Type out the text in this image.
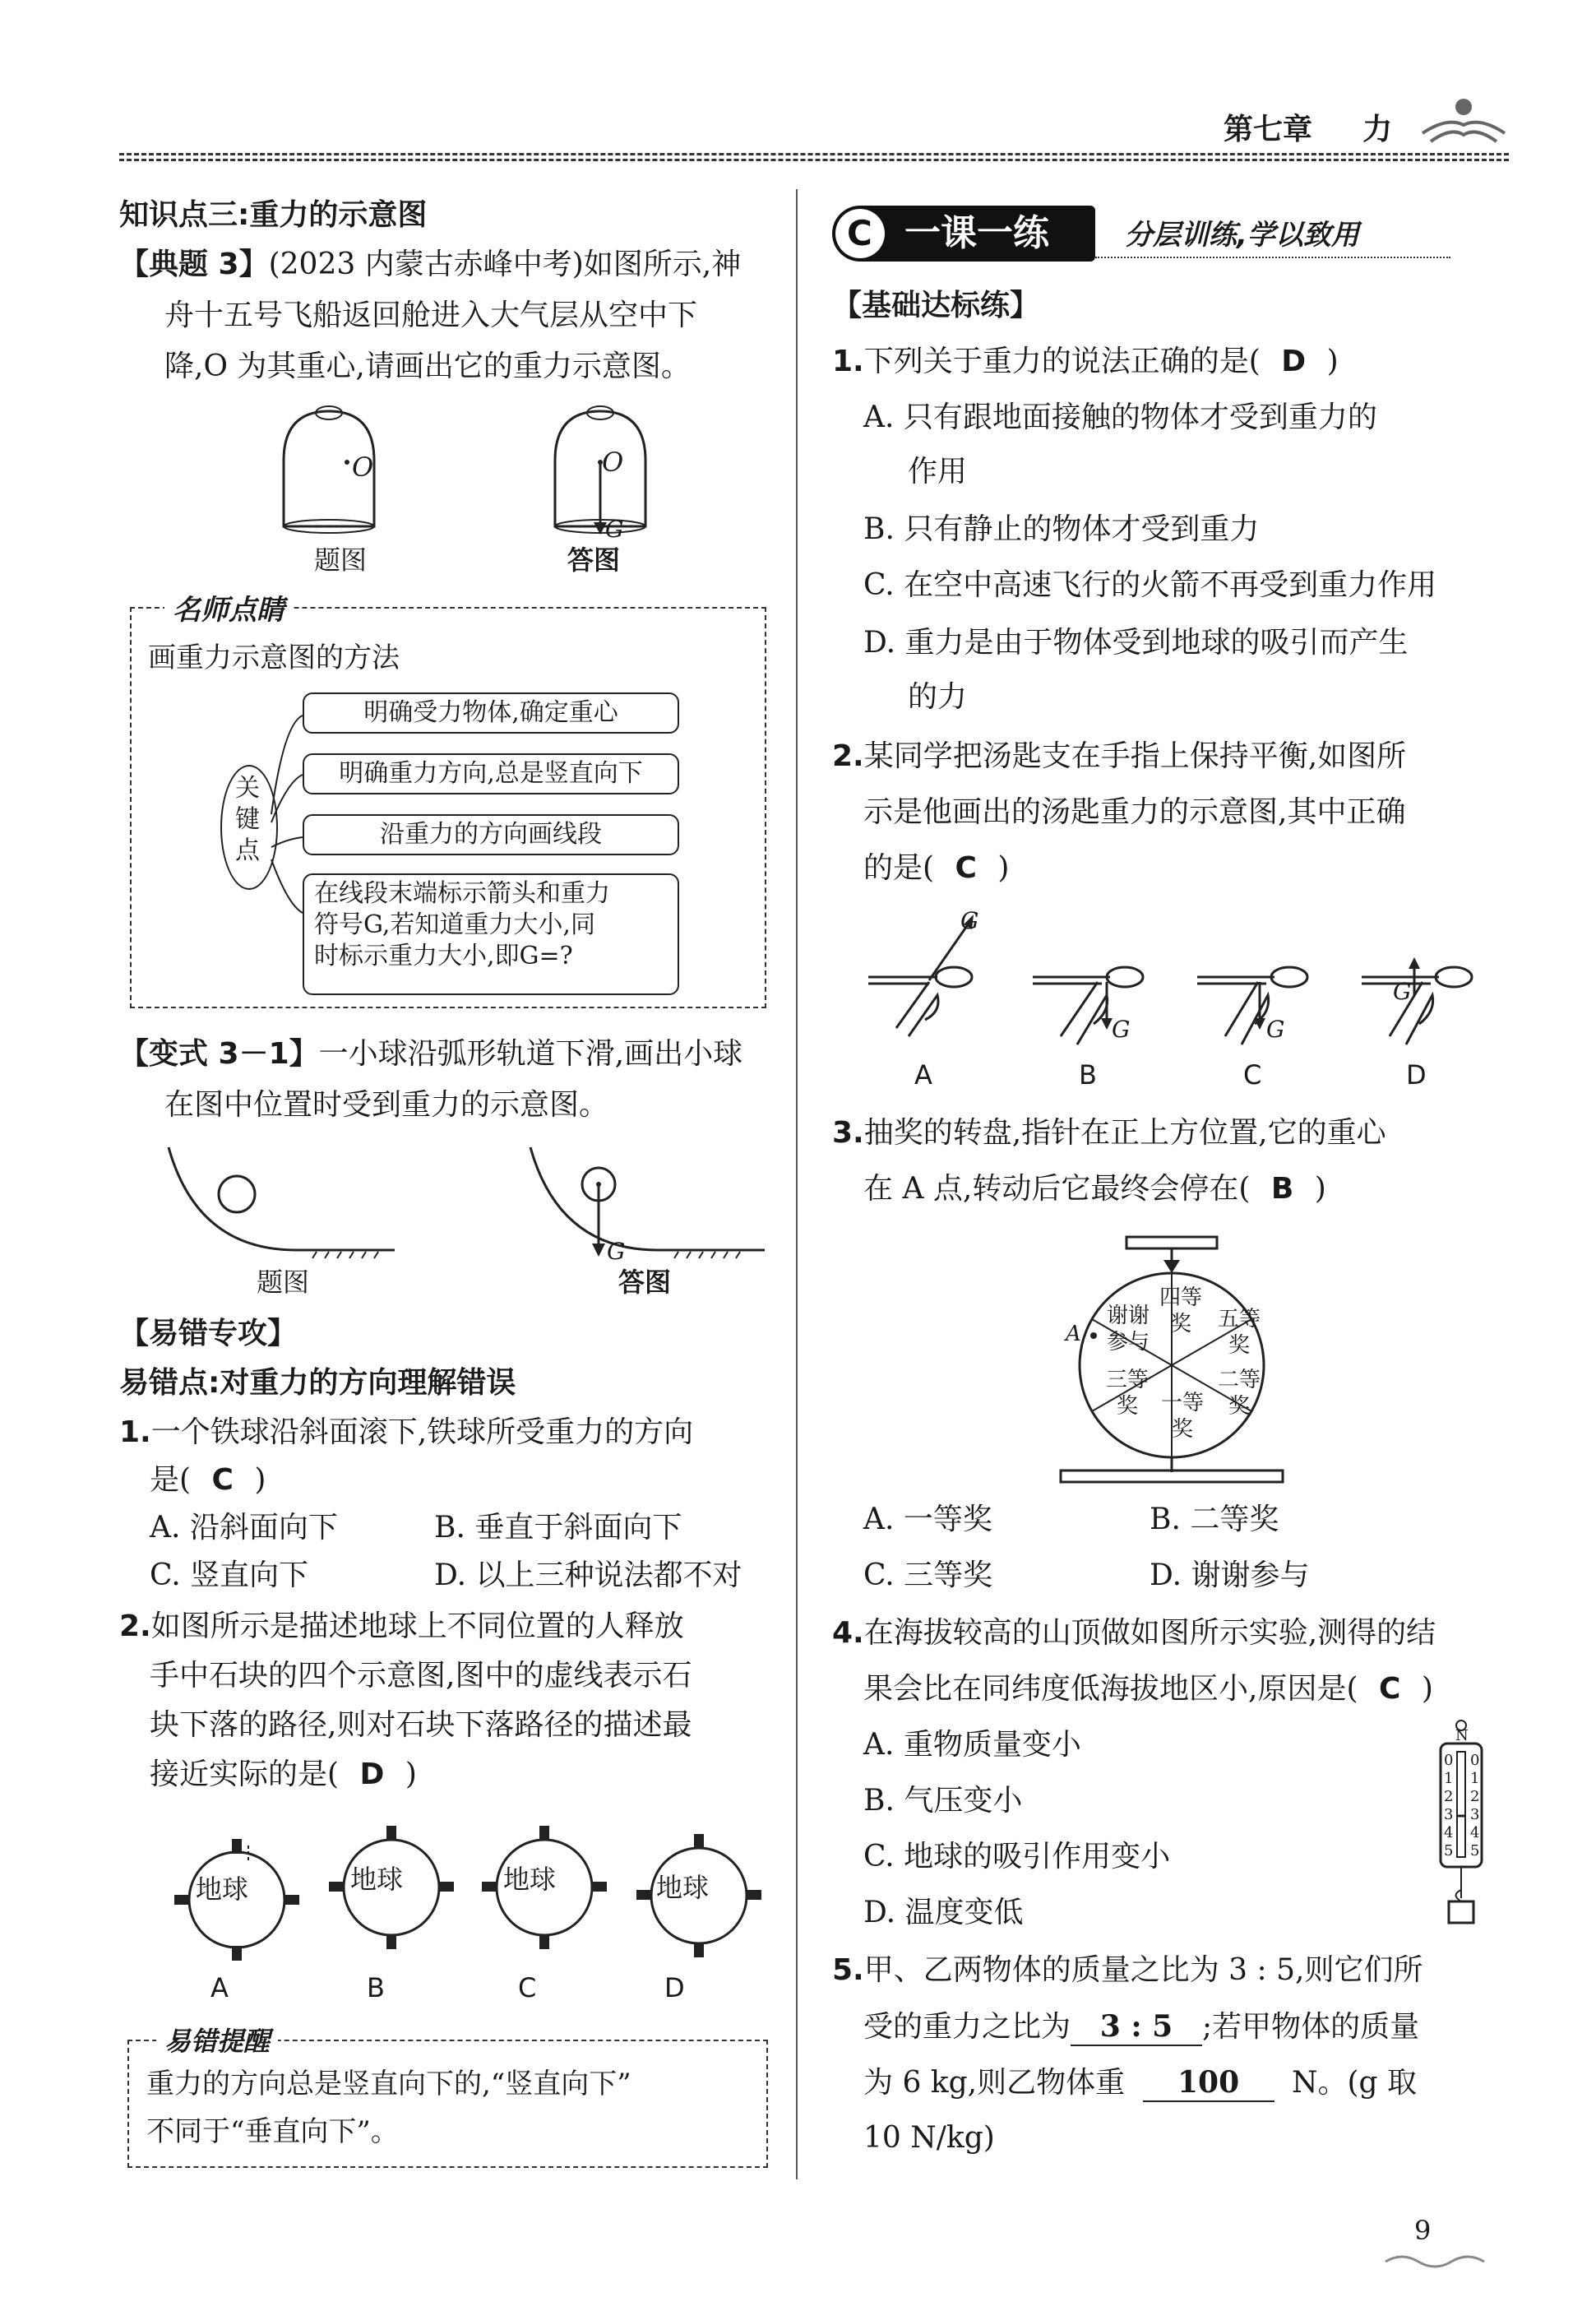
第七章 力
知识点三:重力的示意图
【典题 3】(2023 内蒙古赤峰中考)如图所示,神
舟十五号飞船返回舱进入大气层从空中下
降,O 为其重心,请画出它的重力示意图。
O
题图
O
G
答图
名师点睛
画重力示意图的方法
关键点
明确受力物体,确定重心
明确重力方向,总是竖直向下
沿重力的方向画线段
在线段末端标示箭头和重力
符号G,若知道重力大小,同
时标示重力大小,即G=?
【变式 3－1】一小球沿弧形轨道下滑,画出小球
在图中位置时受到重力的示意图。
题图
G
答图
【易错专攻】
易错点:对重力的方向理解错误
1.一个铁球沿斜面滚下,铁球所受重力的方向
是( C )
A. 沿斜面向下	B. 垂直于斜面向下
C. 竖直向下	D. 以上三种说法都不对
2.如图所示是描述地球上不同位置的人释放
手中石块的四个示意图,图中的虚线表示石
块下落的路径,则对石块下落路径的描述最
接近实际的是( D )
地球
A
地球
B
地球
C
地球
D
易错提醒
重力的方向总是竖直向下的,“竖直向下”
不同于“垂直向下”。
C 一课一练	分层训练,学以致用
【基础达标练】
1.下列关于重力的说法正确的是( D )
A. 只有跟地面接触的物体才受到重力的
作用
B. 只有静止的物体才受到重力
C. 在空中高速飞行的火箭不再受到重力作用
D. 重力是由于物体受到地球的吸引而产生
的力
2.某同学把汤匙支在手指上保持平衡,如图所
示是他画出的汤匙重力的示意图,其中正确
的是( C )
G
A
G
B
G
C
G
D
3.抽奖的转盘,指针在正上方位置,它的重心
在 A 点,转动后它最终会停在( B )
A
谢谢参与
四等奖	五等奖
二等奖
一等奖
三等奖
A. 一等奖	B. 二等奖
C. 三等奖	D. 谢谢参与
4.在海拔较高的山顶做如图所示实验,测得的结
果会比在同纬度低海拔地区小,原因是( C )
A. 重物质量变小
B. 气压变小
C. 地球的吸引作用变小
D. 温度变低
N
0
1
2
3
4
5
0
1
2
3
4
5
5.甲、乙两物体的质量之比为 3 : 5,则它们所
受的重力之比为 3 : 5 ;若甲物体的质量
为 6 kg,则乙物体重 100 N。(g 取
10 N/kg)
9
